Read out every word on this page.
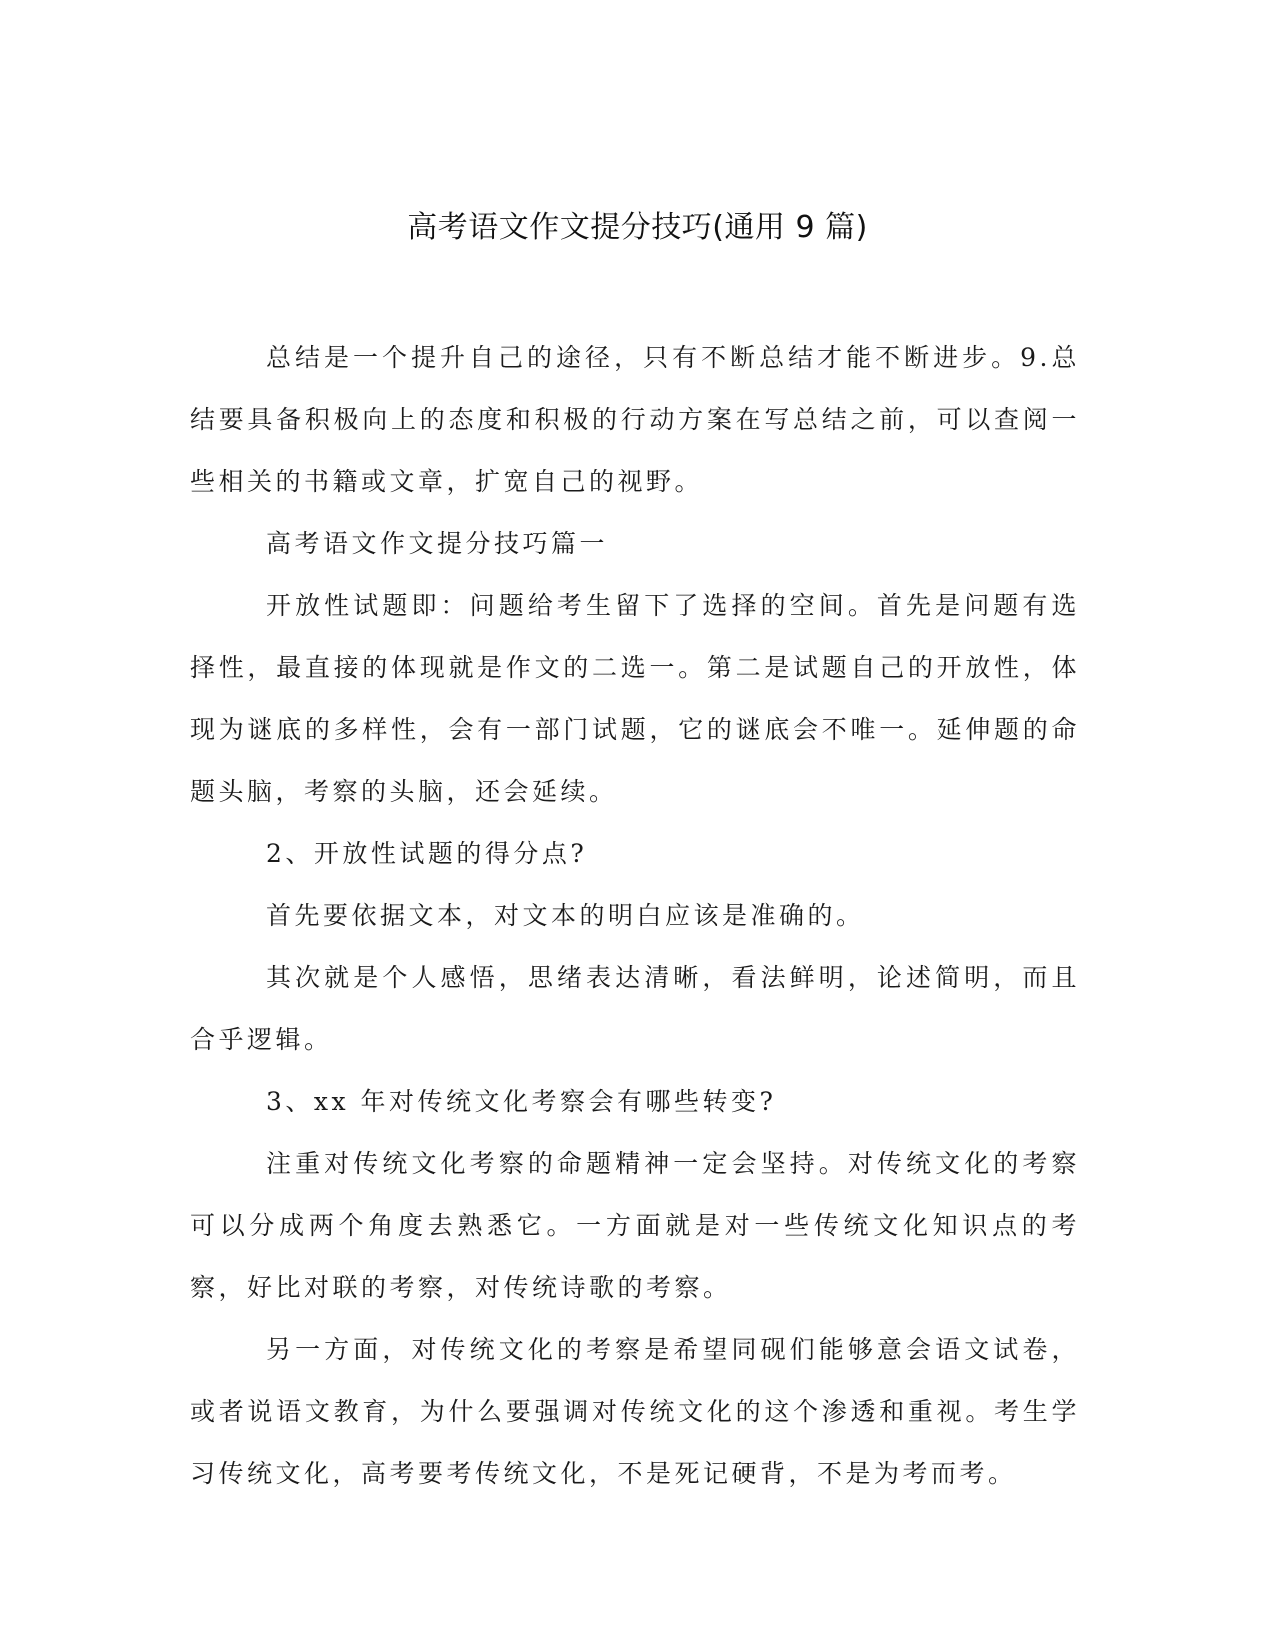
高考语文作文提分技巧(通用 9 篇)

总结是一个提升自己的途径，只有不断总结才能不断进步。9.总结要具备积极向上的态度和积极的行动方案在写总结之前，可以查阅一些相关的书籍或文章，扩宽自己的视野。

高考语文作文提分技巧篇一

开放性试题即：问题给考生留下了选择的空间。首先是问题有选择性，最直接的体现就是作文的二选一。第二是试题自己的开放性，体现为谜底的多样性，会有一部门试题，它的谜底会不唯一。延伸题的命题头脑，考察的头脑，还会延续。

2、开放性试题的得分点?

首先要依据文本，对文本的明白应该是准确的。

其次就是个人感悟，思绪表达清晰，看法鲜明，论述简明，而且合乎逻辑。

3、xx 年对传统文化考察会有哪些转变?

注重对传统文化考察的命题精神一定会坚持。对传统文化的考察可以分成两个角度去熟悉它。一方面就是对一些传统文化知识点的考察，好比对联的考察，对传统诗歌的考察。

另一方面，对传统文化的考察是希望同砚们能够意会语文试卷，或者说语文教育，为什么要强调对传统文化的这个渗透和重视。考生学习传统文化，高考要考传统文化，不是死记硬背，不是为考而考。
